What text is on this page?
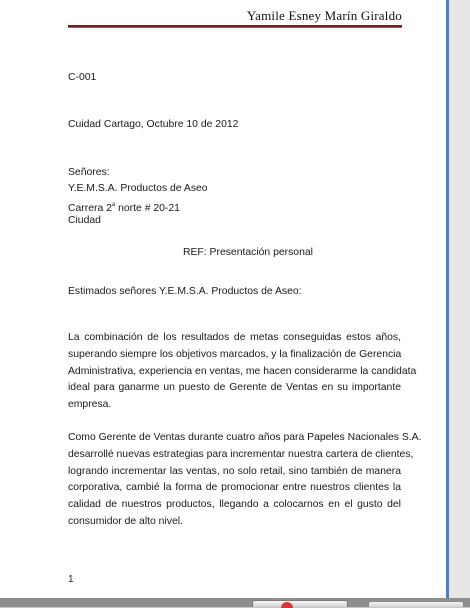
Yamile Esney Marín Giraldo
C-001
Cuidad Cartago, Octubre 10 de 2012
Señores:
Y.E.M.S.A. Productos de Aseo
Carrera 2$^a$ norte # 20-21
Ciudad
REF: Presentación personal
Estimados señores Y.E.M.S.A. Productos de Aseo:
La combinación de los resultados de metas conseguidas estos años,
superando siempre los objetivos marcados, y la finalización de Gerencia
Administrativa, experiencia en ventas, me hacen considerarme la candidata
ideal para ganarme un puesto de Gerente de Ventas en su importante
empresa.
Como Gerente de Ventas durante cuatro años para Papeles Nacionales S.A.
desarrollé nuevas estrategias para incrementar nuestra cartera de clientes,
logrando incrementar las ventas, no solo retail, sino también de manera
corporativa, cambié la forma de promocionar entre nuestros clientes la
calidad de nuestros productos, llegando a colocarnos en el gusto del
consumidor de alto nivel.
1
